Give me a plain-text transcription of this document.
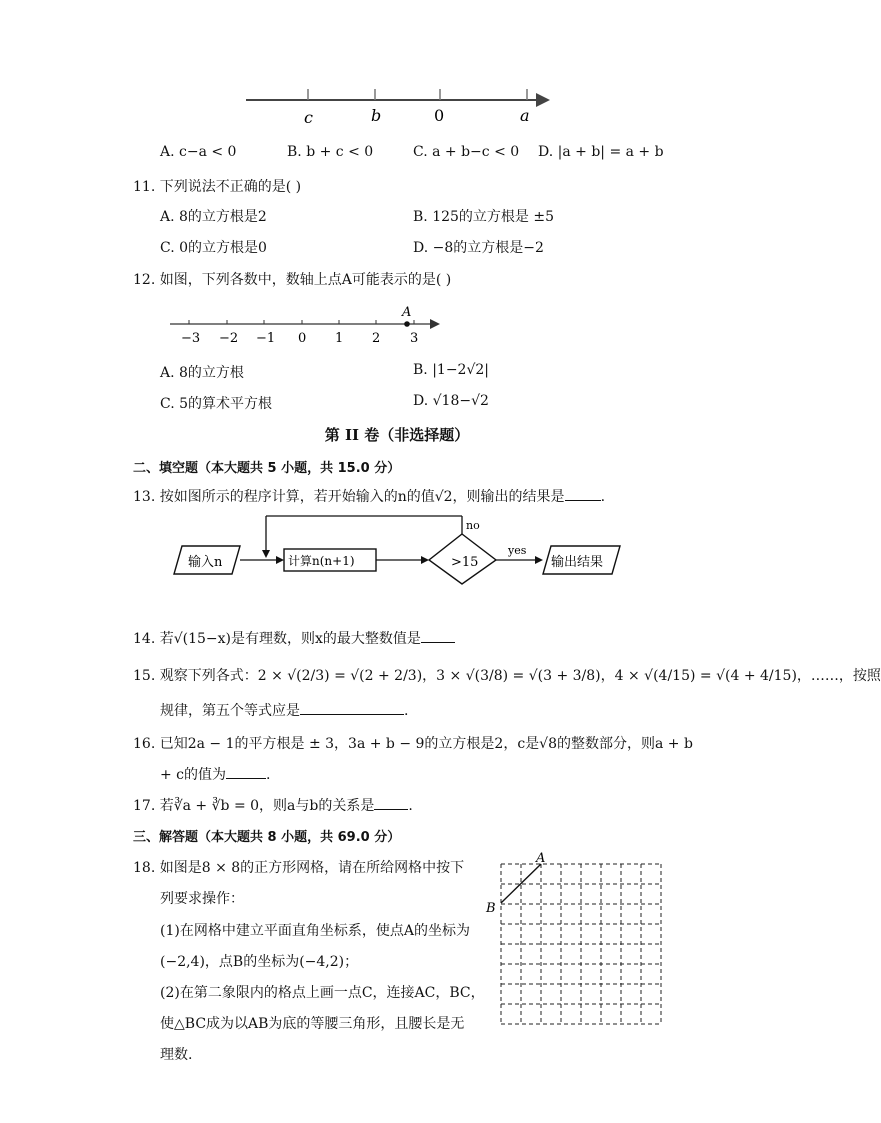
c	b	0	a
A. c−a < 0	B. b + c < 0	C. a + b−c < 0 D. |a + b| = a + b
11. 下列说法不正确的是( )
A. 8的立方根是2	B. 125的立方根是 ±5
C. 0的立方根是0	D. −8的立方根是−2
12. 如图，下列各数中，数轴上点A可能表示的是( )
A
−3 −2 −1 0 1 2 3
A. 8的立方根	B. |1−2√2|
C. 5的算术平方根	D. √18−√2
第 II 卷（非选择题）
二、填空题（本大题共 5 小题，共 15.0 分）
13. 按如图所示的程序计算，若开始输入的n的值√2，则输出的结果是	.
输入n	计算n(n+1)	>15
no
yes
输出结果
14. 若√(15−x)是有理数，则x的最大整数值是
15. 观察下列各式：2 × √(2/3) = √(2 + 2/3)，3 × √(3/8) = √(3 + 3/8)，4 × √(4/15) = √(4 + 4/15)，……，按照
规律，第五个等式应是	.
16. 已知2a − 1的平方根是 ± 3，3a + b − 9的立方根是2，c是√8的整数部分，则a + b
+ c的值为	.
17. 若∛a + ∛b = 0，则a与b的关系是 .
三、解答题（本大题共 8 小题，共 69.0 分）
18. 如图是8 × 8的正方形网格，请在所给网格中按下
列要求操作：
(1)在网格中建立平面直角坐标系，使点A的坐标为
(−2,4)，点B的坐标为(−4,2)；
(2)在第二象限内的格点上画一点C，连接AC，BC，
使△BC成为以AB为底的等腰三角形，且腰长是无
理数.
A
B
